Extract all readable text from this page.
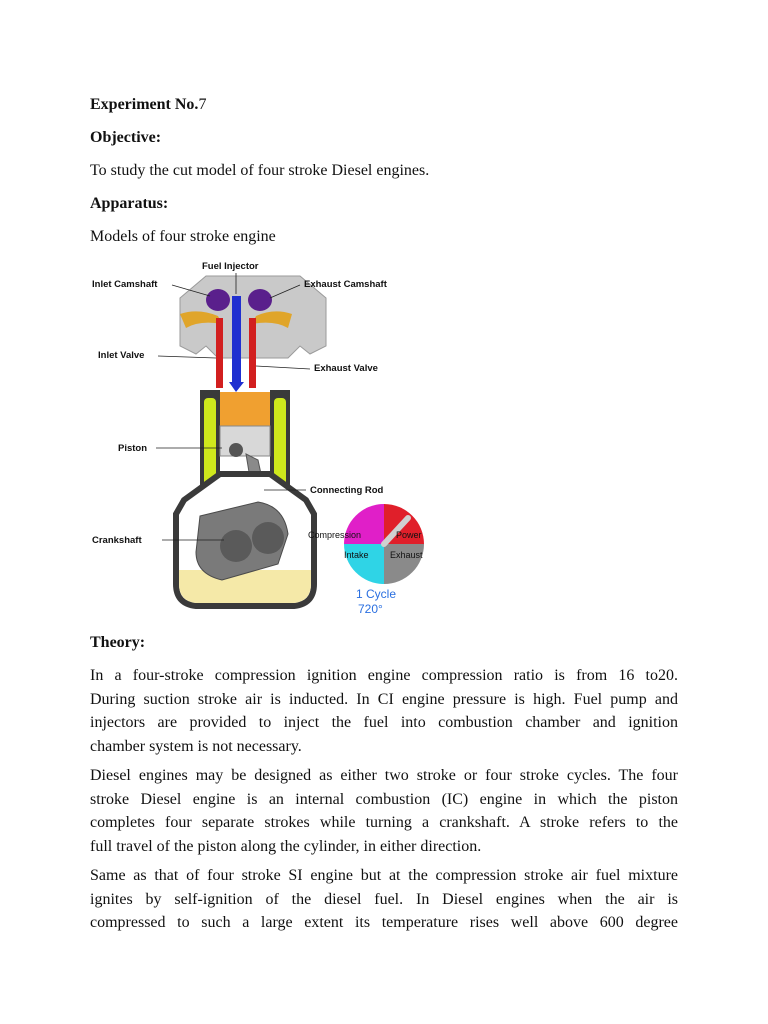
Experiment No.7
Objective:
To study the cut model of four stroke Diesel engines.
Apparatus:
Models of four stroke engine
Compression	Power
Intake Exhaust
1 Cycle
720°
Fuel Injector
Inlet Camshaft	Exhaust Camshaft
Inlet Valve
Exhaust Valve
Piston
Connecting Rod
Crankshaft
Theory:
In a four-stroke compression ignition engine compression ratio is from 16 to20.
During suction stroke air is inducted. In CI engine pressure is high. Fuel pump and
injectors are provided to inject the fuel into combustion chamber and ignition
chamber system is not necessary.
Diesel engines may be designed as either two stroke or four stroke cycles. The four
stroke Diesel engine is an internal combustion (IC) engine in which the piston
completes four separate strokes while turning a crankshaft. A stroke refers to the
full travel of the piston along the cylinder, in either direction.
Same as that of four stroke SI engine but at the compression stroke air fuel mixture
ignites by self-ignition of the diesel fuel. In Diesel engines when the air is
compressed to such a large extent its temperature rises well above 600 degree
